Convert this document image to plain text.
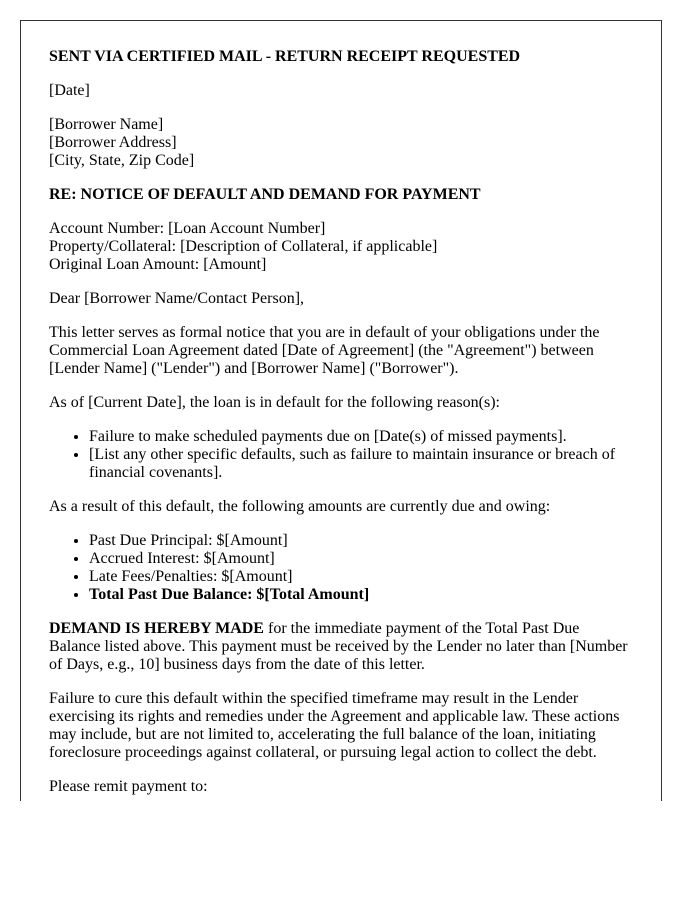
SENT VIA CERTIFIED MAIL - RETURN RECEIPT REQUESTED

[Date]

[Borrower Name]
[Borrower Address]
[City, State, Zip Code]

RE: NOTICE OF DEFAULT AND DEMAND FOR PAYMENT

Account Number: [Loan Account Number]
Property/Collateral: [Description of Collateral, if applicable]
Original Loan Amount: [Amount]

Dear [Borrower Name/Contact Person],

This letter serves as formal notice that you are in default of your obligations under the Commercial Loan Agreement dated [Date of Agreement] (the "Agreement") between [Lender Name] ("Lender") and [Borrower Name] ("Borrower").

As of [Current Date], the loan is in default for the following reason(s):

• Failure to make scheduled payments due on [Date(s) of missed payments].
• [List any other specific defaults, such as failure to maintain insurance or breach of financial covenants].

As a result of this default, the following amounts are currently due and owing:

• Past Due Principal: $[Amount]
• Accrued Interest: $[Amount]
• Late Fees/Penalties: $[Amount]
• Total Past Due Balance: $[Total Amount]

DEMAND IS HEREBY MADE for the immediate payment of the Total Past Due Balance listed above. This payment must be received by the Lender no later than [Number of Days, e.g., 10] business days from the date of this letter.

Failure to cure this default within the specified timeframe may result in the Lender exercising its rights and remedies under the Agreement and applicable law. These actions may include, but are not limited to, accelerating the full balance of the loan, initiating foreclosure proceedings against collateral, or pursuing legal action to collect the debt.

Please remit payment to:
